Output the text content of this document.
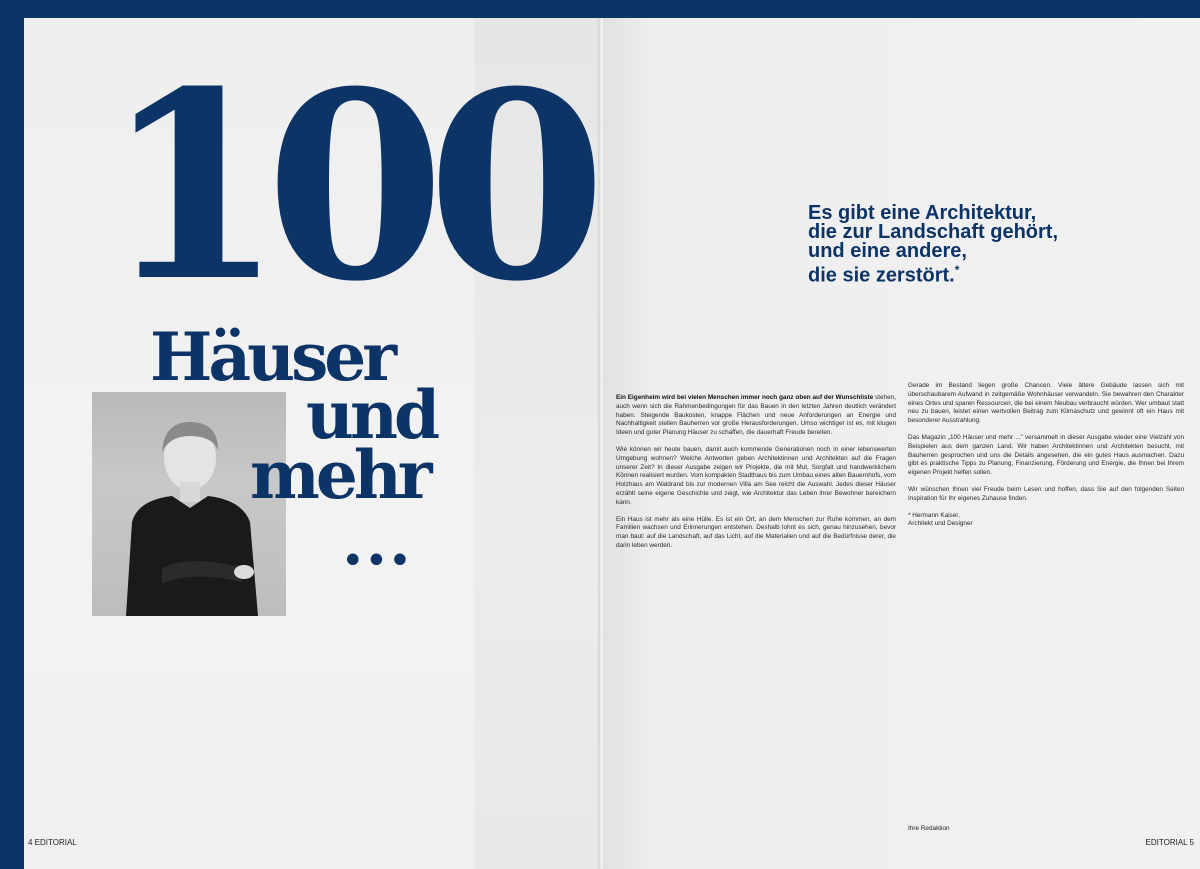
100
Häuser
und
mehr
...
4 EDITORIAL
Es gibt eine Architektur,
die zur Landschaft gehört,
und eine andere,
die sie zerstört.*

Ein Eigenheim wird bei vielen Menschen immer noch ganz oben auf der Wunschliste stehen, auch wenn sich die Rahmenbedingungen für das Bauen in den letzten Jahren deutlich verändert haben. Steigende Baukosten, knappe Flächen und neue Anforderungen an Energie und Nachhaltigkeit stellen Bauherren vor große Herausforderungen. Umso wichtiger ist es, mit klugen Ideen und guter Planung Häuser zu schaffen, die dauerhaft Freude bereiten.

Wie können wir heute bauen, damit auch kommende Generationen noch in einer lebenswerten Umgebung wohnen? Welche Antworten geben Architektinnen und Architekten auf die Fragen unserer Zeit? In dieser Ausgabe zeigen wir Projekte, die mit Mut, Sorgfalt und handwerklichem Können realisiert wurden. Vom kompakten Stadthaus bis zum Umbau eines alten Bauernhofs, vom Holzhaus am Waldrand bis zur modernen Villa am See reicht die Auswahl. Jedes dieser Häuser erzählt seine eigene Geschichte und zeigt, wie Architektur das Leben ihrer Bewohner bereichern kann.

Ein Haus ist mehr als eine Hülle. Es ist ein Ort, an dem Menschen zur Ruhe kommen, an dem Familien wachsen und Erinnerungen entstehen. Deshalb lohnt es sich, genau hinzusehen, bevor man baut: auf die Landschaft, auf das Licht, auf die Materialien und auf die Bedürfnisse derer, die darin leben werden.

Gerade im Bestand liegen große Chancen. Viele ältere Gebäude lassen sich mit überschaubarem Aufwand in zeitgemäße Wohnhäuser verwandeln. Sie bewahren den Charakter eines Ortes und sparen Ressourcen, die bei einem Neubau verbraucht würden. Wer umbaut statt neu zu bauen, leistet einen wertvollen Beitrag zum Klimaschutz und gewinnt oft ein Haus mit besonderer Ausstrahlung.

Das Magazin „100 Häuser und mehr ..." versammelt in dieser Ausgabe wieder eine Vielzahl von Beispielen aus dem ganzen Land. Wir haben Architektinnen und Architekten besucht, mit Bauherren gesprochen und uns die Details angesehen, die ein gutes Haus ausmachen. Dazu gibt es praktische Tipps zu Planung, Finanzierung, Förderung und Energie, die Ihnen bei Ihrem eigenen Projekt helfen sollen.

Wir wünschen Ihnen viel Freude beim Lesen und hoffen, dass Sie auf den folgenden Seiten Inspiration für Ihr eigenes Zuhause finden.

* Hermann Kaiser,
Architekt und Designer

Ihre Redaktion
EDITORIAL 5
